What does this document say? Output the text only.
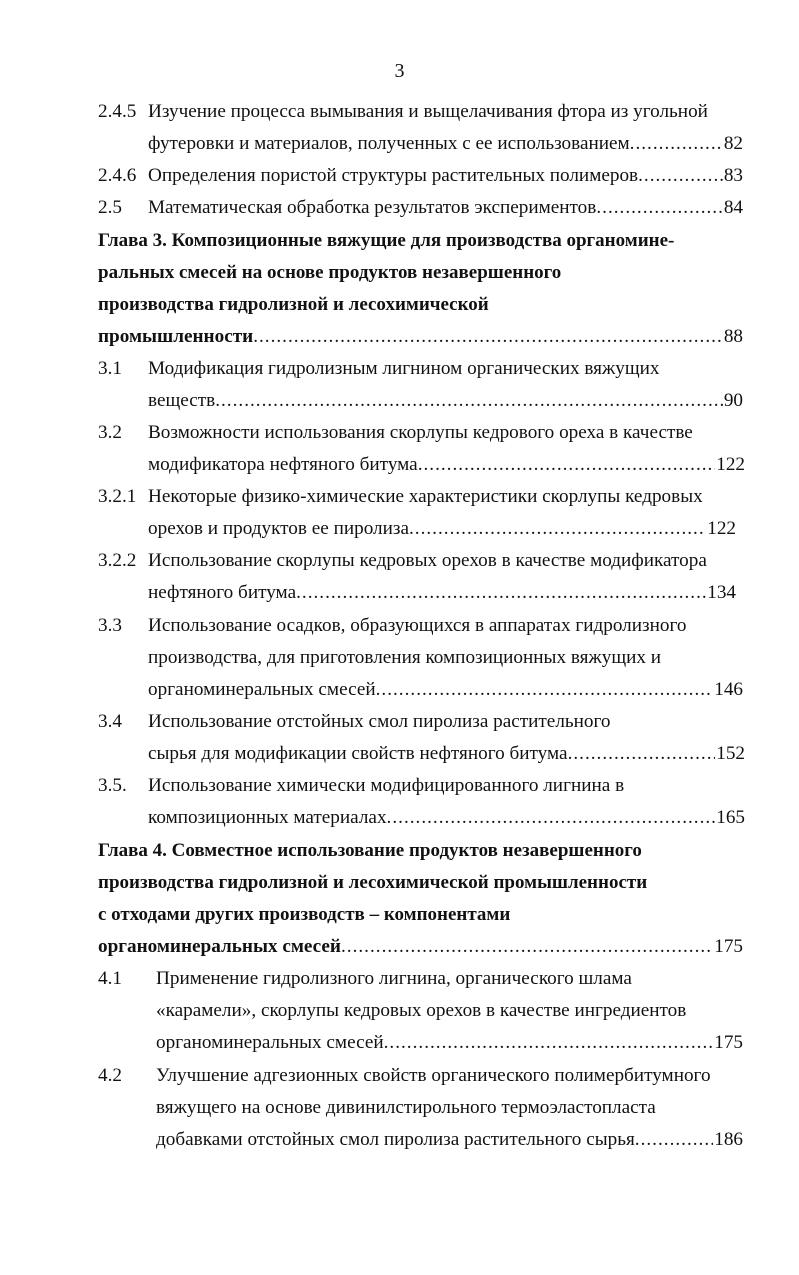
3
2.4.5 Изучение процесса вымывания и выщелачивания фтора из угольной
футеровки и материалов, полученных с ее использованием .....	82
2.4.6 Определения пористой структуры растительных полимеров .....	83
2.5	Математическая обработка результатов экспериментов .....	84
Глава 3. Композиционные вяжущие для производства органомине-
ральных смесей на основе продуктов незавершенного
производства гидролизной и лесохимической
промышленности .....	88
3.1 Модификация гидролизным лигнином органических вяжущих
веществ .....	90
3.2 Возможности использования скорлупы кедрового ореха в качестве
модификатора нефтяного битума .....	122
3.2.1 Некоторые физико-химические характеристики скорлупы кедровых
орехов и продуктов ее пиролиза .....	122
3.2.2 Использование скорлупы кедровых орехов в качестве модификатора
нефтяного битума .....	134
3.3 Использование осадков, образующихся в аппаратах гидролизного
производства, для приготовления композиционных вяжущих и
органоминеральных смесей .....	146
3.4 Использование отстойных смол пиролиза растительного
сырья для модификации свойств нефтяного битума .....	152
3.5. Использование химически модифицированного лигнина в
композиционных материалах .....	165
Глава 4. Совместное использование продуктов незавершенного
производства гидролизной и лесохимической промышленности
с отходами других производств – компонентами
органоминеральных смесей .....	175
4.1 Применение гидролизного лигнина, органического шлама
«карамели», скорлупы кедровых орехов в качестве ингредиентов
органоминеральных смесей .....	175
4.2 Улучшение адгезионных свойств органического полимербитумного
вяжущего на основе дивинилстирольного термоэластопласта
добавками отстойных смол пиролиза растительного сырья .....	186
